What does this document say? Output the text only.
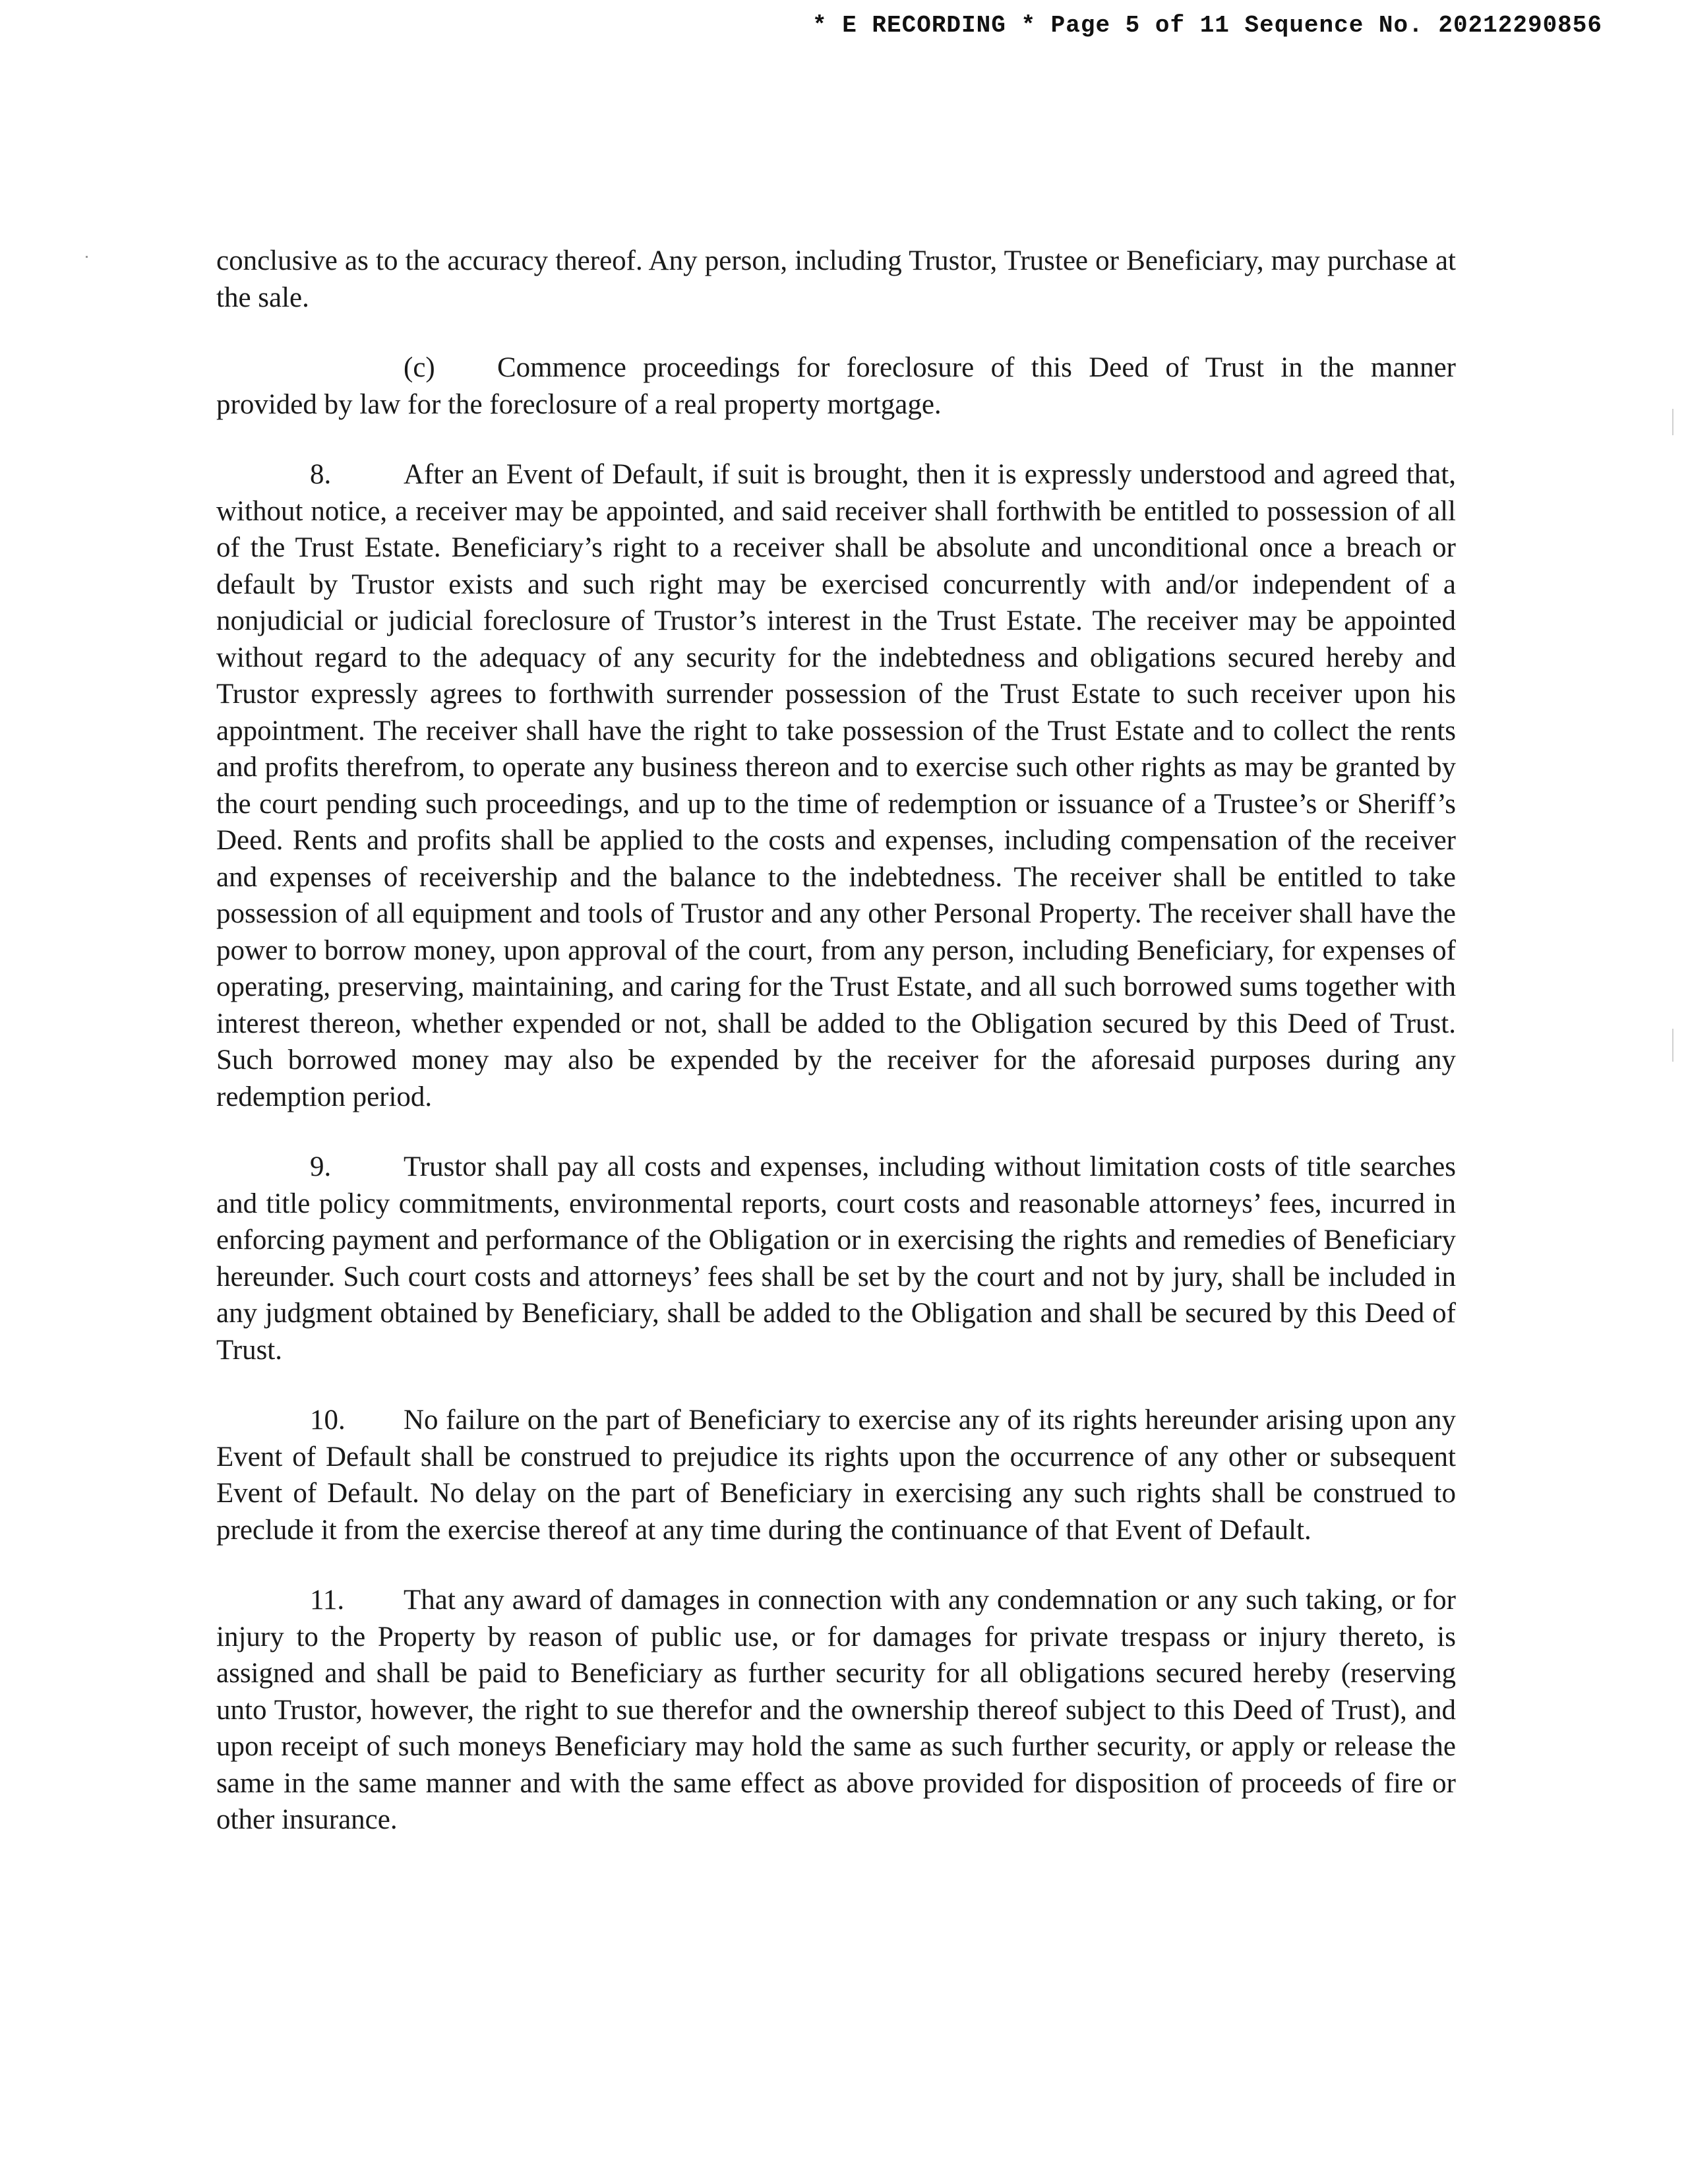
* E RECORDING * Page 5 of 11 Sequence No. 20212290856

conclusive as to the accuracy thereof. Any person, including Trustor, Trustee or Beneficiary, may purchase at the sale.

(c) Commence proceedings for foreclosure of this Deed of Trust in the manner provided by law for the foreclosure of a real property mortgage.

8.	After an Event of Default, if suit is brought, then it is expressly understood and agreed that, without notice, a receiver may be appointed, and said receiver shall forthwith be entitled to possession of all of the Trust Estate. Beneficiary’s right to a receiver shall be absolute and unconditional once a breach or default by Trustor exists and such right may be exercised concurrently with and/or independent of a nonjudicial or judicial foreclosure of Trustor’s interest in the Trust Estate. The receiver may be appointed without regard to the adequacy of any security for the indebtedness and obligations secured hereby and Trustor expressly agrees to forthwith surrender possession of the Trust Estate to such receiver upon his appointment. The receiver shall have the right to take possession of the Trust Estate and to collect the rents and profits therefrom, to operate any business thereon and to exercise such other rights as may be granted by the court pending such proceedings, and up to the time of redemption or issuance of a Trustee’s or Sheriff’s Deed. Rents and profits shall be applied to the costs and expenses, including compensation of the receiver and expenses of receivership and the balance to the indebtedness. The receiver shall be entitled to take possession of all equipment and tools of Trustor and any other Personal Property. The receiver shall have the power to borrow money, upon approval of the court, from any person, including Beneficiary, for expenses of operating, preserving, maintaining, and caring for the Trust Estate, and all such borrowed sums together with interest thereon, whether expended or not, shall be added to the Obligation secured by this Deed of Trust. Such borrowed money may also be expended by the receiver for the aforesaid purposes during any redemption period.

9.	Trustor shall pay all costs and expenses, including without limitation costs of title searches and title policy commitments, environmental reports, court costs and reasonable attorneys’ fees, incurred in enforcing payment and performance of the Obligation or in exercising the rights and remedies of Beneficiary hereunder. Such court costs and attorneys’ fees shall be set by the court and not by jury, shall be included in any judgment obtained by Beneficiary, shall be added to the Obligation and shall be secured by this Deed of Trust.

10. No failure on the part of Beneficiary to exercise any of its rights hereunder arising upon any Event of Default shall be construed to prejudice its rights upon the occurrence of any other or subsequent Event of Default. No delay on the part of Beneficiary in exercising any such rights shall be construed to preclude it from the exercise thereof at any time during the continuance of that Event of Default.

11. That any award of damages in connection with any condemnation or any such taking, or for injury to the Property by reason of public use, or for damages for private trespass or injury thereto, is assigned and shall be paid to Beneficiary as further security for all obligations secured hereby (reserving unto Trustor, however, the right to sue therefor and the ownership thereof subject to this Deed of Trust), and upon receipt of such moneys Beneficiary may hold the same as such further security, or apply or release the same in the same manner and with the same effect as above provided for disposition of proceeds of fire or other insurance.
